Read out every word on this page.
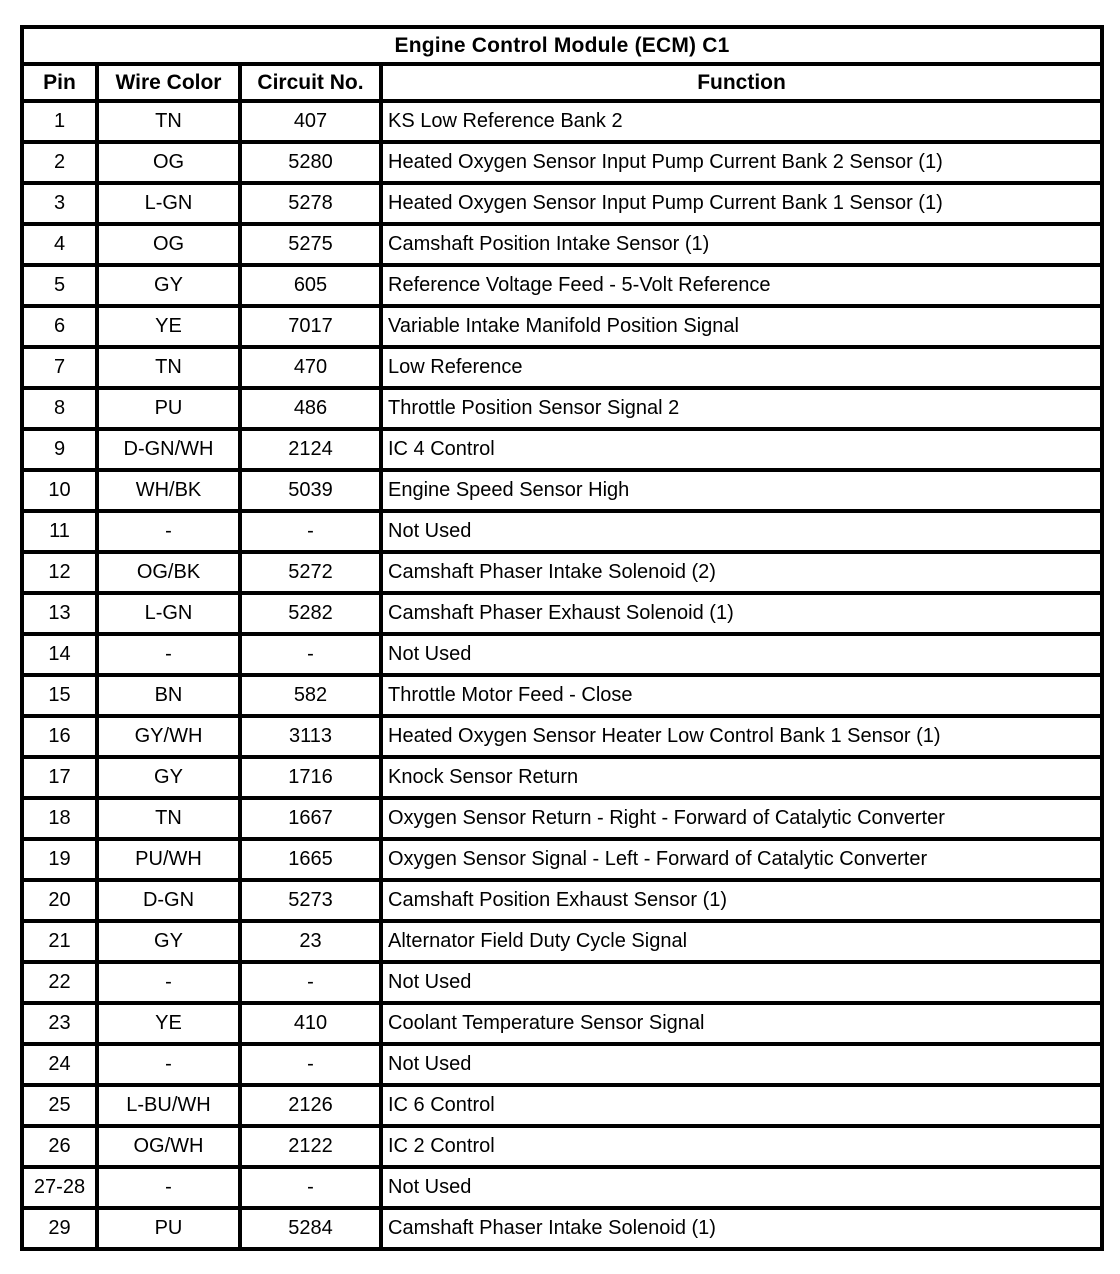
Engine Control Module (ECM) C1			
Pin	Wire Color	Circuit No.	Function
1	TN	407	KS Low Reference Bank 2
2	OG	5280	Heated Oxygen Sensor Input Pump Current Bank 2 Sensor (1)
3	L-GN	5278	Heated Oxygen Sensor Input Pump Current Bank 1 Sensor (1)
4	OG	5275	Camshaft Position Intake Sensor (1)
5	GY	605	Reference Voltage Feed - 5-Volt Reference
6	YE	7017	Variable Intake Manifold Position Signal
7	TN	470	Low Reference
8	PU	486	Throttle Position Sensor Signal 2
9	D-GN/WH	2124	IC 4 Control
10	WH/BK	5039	Engine Speed Sensor High
11	-	-	Not Used
12	OG/BK	5272	Camshaft Phaser Intake Solenoid (2)
13	L-GN	5282	Camshaft Phaser Exhaust Solenoid (1)
14	-	-	Not Used
15	BN	582	Throttle Motor Feed - Close
16	GY/WH	3113	Heated Oxygen Sensor Heater Low Control Bank 1 Sensor (1)
17	GY	1716	Knock Sensor Return
18	TN	1667	Oxygen Sensor Return - Right - Forward of Catalytic Converter
19	PU/WH	1665	Oxygen Sensor Signal - Left - Forward of Catalytic Converter
20	D-GN	5273	Camshaft Position Exhaust Sensor (1)
21	GY	23	Alternator Field Duty Cycle Signal
22	-	-	Not Used
23	YE	410	Coolant Temperature Sensor Signal
24	-	-	Not Used
25	L-BU/WH	2126	IC 6 Control
26	OG/WH	2122	IC 2 Control
27-28	-	-	Not Used
29	PU	5284	Camshaft Phaser Intake Solenoid (1)
